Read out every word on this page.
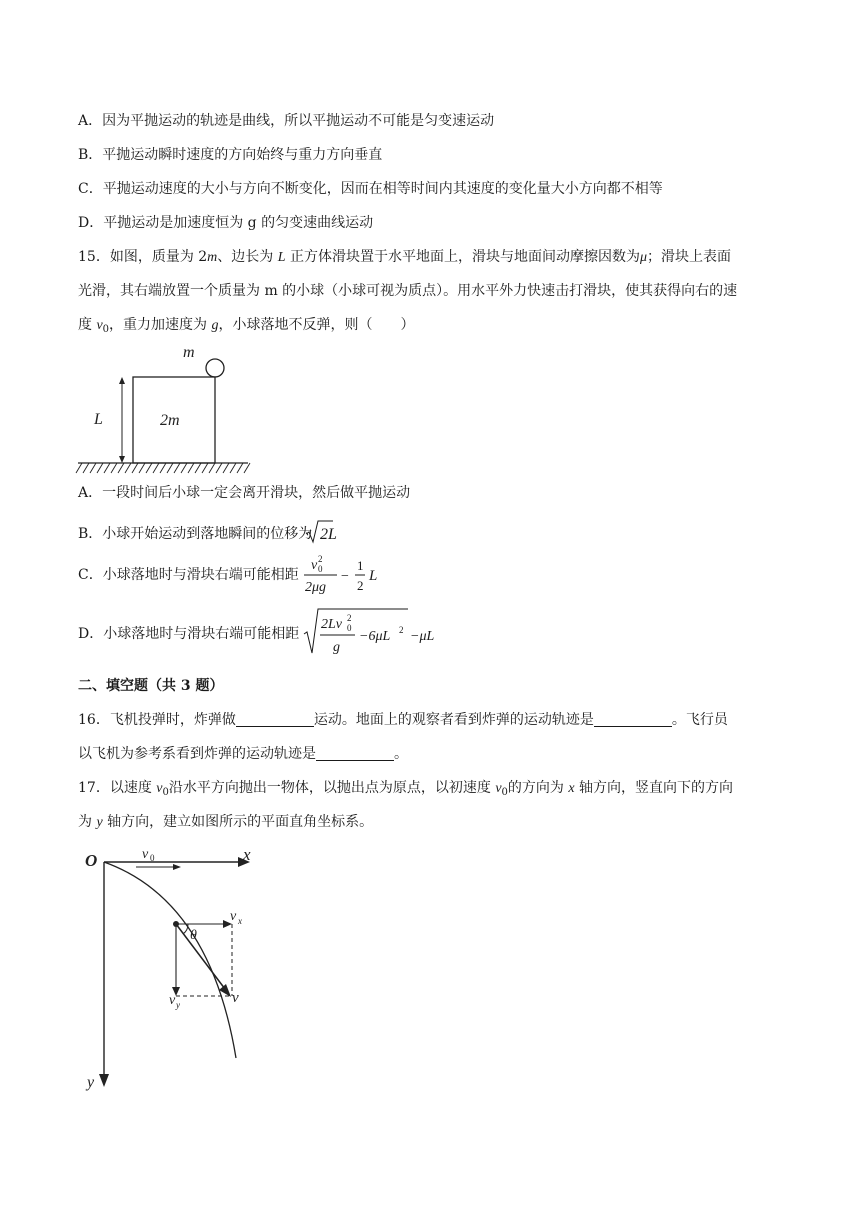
A．因为平抛运动的轨迹是曲线，所以平抛运动不可能是匀变速运动
B．平抛运动瞬时速度的方向始终与重力方向垂直
C．平抛运动速度的大小与方向不断变化，因而在相等时间内其速度的变化量大小方向都不相等
D．平抛运动是加速度恒为 g 的匀变速曲线运动
15．如图，质量为 2m、边长为 L 正方体滑块置于水平地面上，滑块与地面间动摩擦因数为μ；滑块上表面
光滑，其右端放置一个质量为 m 的小球（小球可视为质点）。用水平外力快速击打滑块，使其获得向右的速
度 $v_0$，重力加速度为 g，小球落地不反弹，则（　　）
m
2m
L
A．一段时间后小球一定会离开滑块，然后做平抛运动
B．小球开始运动到落地瞬间的位移为 2L
C．小球落地时与滑块右端可能相距
v 0
2
2μg
−
1
2
L
D．小球落地时与滑块右端可能相距
2Lv 0
2
g
−6μL 2 −μL
二、填空题（共 3 题）
16．飞机投弹时，炸弹做	运动。地面上的观察者看到炸弹的运动轨迹是	。飞行员
以飞机为参考系看到炸弹的运动轨迹是	。
17．以速度 $v_0$沿水平方向抛出一物体，以抛出点为原点，以初速度 $v_0$的方向为 x 轴方向，竖直向下的方向
为 y 轴方向，建立如图所示的平面直角坐标系。
O	x
v 0
y
v x
v y	v
θ
